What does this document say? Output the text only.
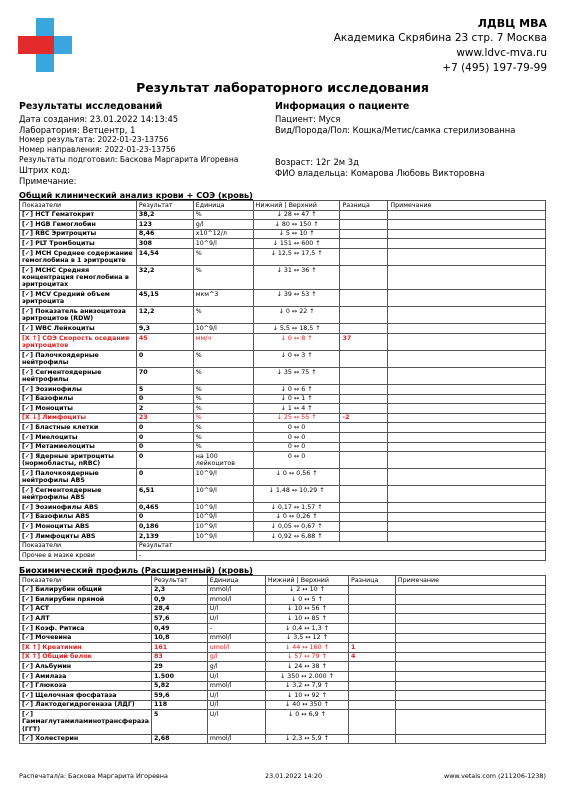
ЛДВЦ МВА
Академика Скрябина 23 стр. 7 Москва
www.ldvc-mva.ru
+7 (495) 197-79-99
Результат лабораторного исследования
Результаты исследований
Дата создания: 23.01.2022 14:13:45
Лаборатория: Ветцентр, 1
Номер результата: 2022-01-23-13756
Номер направления: 2022-01-23-13756
Результаты подготовил: Баскова Маргарита Игоревна
Штрих код:
Примечание:
Информация о пациенте
Пациент: Муся
Вид/Порода/Пол: Кошка/Метис/самка стерилизованна
Возраст: 12г 2м 3д
ФИО владельца: Комарова Любовь Викторовна
Общий клинический анализ крови + СОЭ (кровь)
Показатели	Результат	Единица	Нижний | Верхний	Разница	Примечание
[✓] HCT Гематокрит	38,2	%	↓ 28 ↔ 47 ↑		
[✓] HGB Гемоглобин	123	g/l	↓ 80 ↔ 150 ↑		
[✓] RBC Эритроциты	8,46	x10^12/л	↓ 5 ↔ 10 ↑		
[✓] PLT Тромбоциты	308	10^9/l	↓ 151 ↔ 600 ↑		
[✓] MCH Среднее содержание гемоглобина в 1 эритроците	14,54	%	↓ 12,5 ↔ 17,5 ↑		
[✓] MCHC Средняя концентрация гемоглобина в эритроцитах	32,2	%	↓ 31 ↔ 36 ↑		
[✓] MCV Средний объем эритроцита	45,15	мкм^3	↓ 39 ↔ 53 ↑		
[✓] Показатель анизоцитоза эритроцитов (RDW)	12,2	%	↓ 0 ↔ 22 ↑		
[✓] WBC Лейкоциты	9,3	10^9/l	↓ 5,5 ↔ 18,5 ↑		
[X ↑] СОЭ Скорость оседания эритроцитов	45	мм/ч	↓ 0 ↔ 8 ↑	37	
[✓] Палочкоядерные нейтрофилы	0	%	↓ 0 ↔ 3 ↑		
[✓] Сегментоядерные нейтрофилы	70	%	↓ 35 ↔ 75 ↑		
[✓] Эозинофилы	5	%	↓ 0 ↔ 6 ↑		
[✓] Базофилы	0	%	↓ 0 ↔ 1 ↑		
[✓] Моноциты	2	%	↓ 1 ↔ 4 ↑		
[X ↓] Лимфоциты	23	%	↓ 25 ↔ 55 ↑	-2	
[✓] Бластные клетки	0	%	0 ↔ 0		
[✓] Миелоциты	0	%	0 ↔ 0		
[✓] Метамиелоциты	0	%	0 ↔ 0		
[✓] Ядерные эритроциты (нормобласты, nRBC)	0	на 100 лейкоцитов	0 ↔ 0		
[✓] Палочкоядерные нейтрофилы ABS	0	10^9/l	↓ 0 ↔ 0,56 ↑		
[✓] Сегментоядерные нейтрофилы ABS	6,51	10^9/l	↓ 1,48 ↔ 10,29 ↑		
[✓] Эозинофилы ABS	0,465	10^9/l	↓ 0,17 ↔ 1,57 ↑		
[✓] Базофилы ABS	0	10^9/l	↓ 0 ↔ 0,26 ↑		
[✓] Моноциты ABS	0,186	10^9/l	↓ 0,05 ↔ 0,67 ↑		
[✓] Лимфоциты ABS	2,139	10^9/l	↓ 0,92 ↔ 6,88 ↑		
Показатели	Результат				
Прочее в мазке крови	-				
Биохимический профиль (Расширенный) (кровь)
Показатели	Результат	Единица	Нижний | Верхний	Разница	Примечание
[✓] Билирубин общий	2,3	mmol/l	↓ 2 ↔ 10 ↑		
[✓] Билирубин прямой	0,9	mmol/l	↓ 0 ↔ 5 ↑		
[✓] АСТ	28,4	U/l	↓ 10 ↔ 56 ↑		
[✓] АЛТ	57,6	U/l	↓ 10 ↔ 85 ↑		
[✓] Коэф. Ритиса	0,49	-	↓ 0,4 ↔ 1,3 ↑		
[✓] Мочевина	10,8	mmol/l	↓ 3,5 ↔ 12 ↑		
[X ↑] Креатинин	161	umol/l	↓ 44 ↔ 160 ↑	1	
[X ↑] Общий белок	83	g/l	↓ 57 ↔ 79 ↑	4	
[✓] Альбумин	29	g/l	↓ 24 ↔ 38 ↑		
[✓] Амилаза	1.500	U/l	↓ 350 ↔ 2.000 ↑		
[✓] Глюкоза	5,82	mmol/l	↓ 3,2 ↔ 7,9 ↑		
[✓] Щелочная фосфатаза	59,6	U/l	↓ 10 ↔ 92 ↑		
[✓] Лактодегидрогеназа (ЛДГ)	118	U/l	↓ 40 ↔ 350 ↑		
[✓] Гаммаглутамиламинотрансфераза (ГГТ)	5	U/l	↓ 0 ↔ 6,9 ↑		
[✓] Холестерин	2,68	mmol/l	↓ 2,3 ↔ 5,9 ↑		
Распечатал/а: Баскова Маргарита Игоревна	23.01.2022 14:20	www.vetais.com (211206-1238)
